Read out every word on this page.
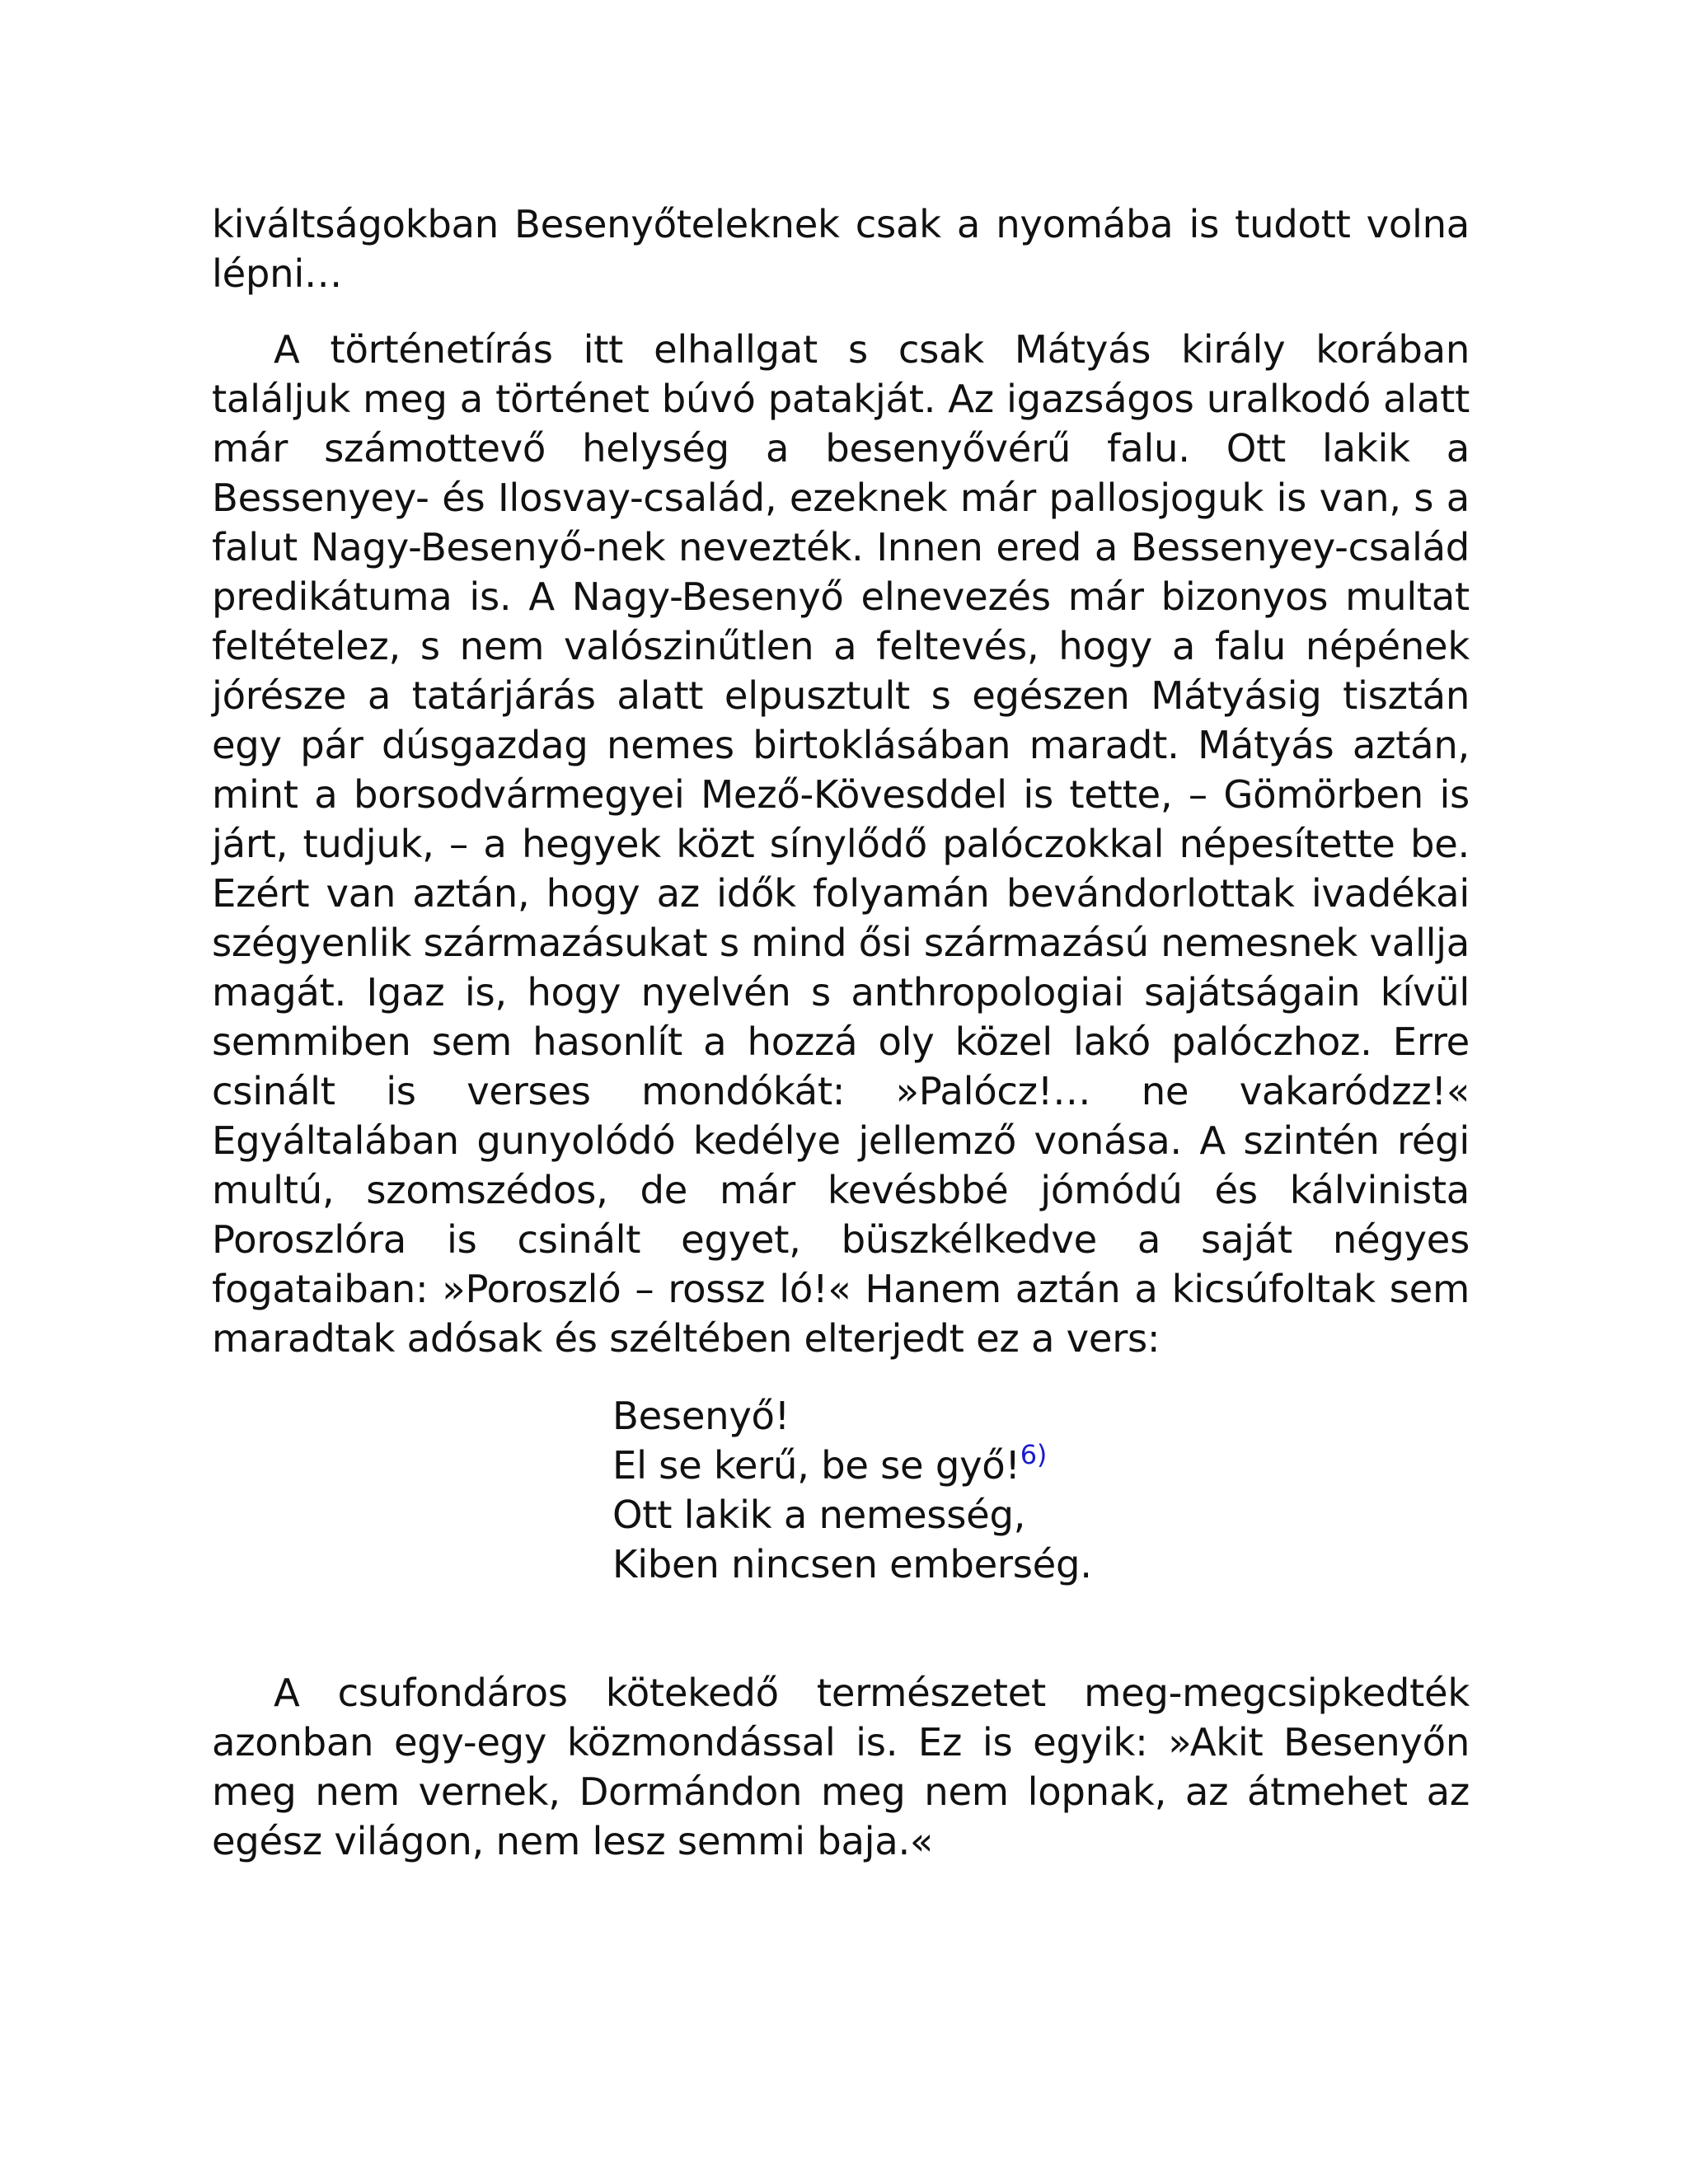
kiváltságokban Besenyőteleknek csak a nyomába is tudott volna lépni…

A történetírás itt elhallgat s csak Mátyás király korában találjuk meg a történet búvó patakját. Az igazságos uralkodó alatt már számottevő helység a besenyővérű falu. Ott lakik a Bessenyey- és Ilosvay-család, ezeknek már pallosjoguk is van, s a falut Nagy-Besenyő-nek nevezték. Innen ered a Bessenyey-család predikátuma is. A Nagy-Besenyő elnevezés már bizonyos multat feltételez, s nem valószinűtlen a feltevés, hogy a falu népének jórésze a tatárjárás alatt elpusztult s egészen Mátyásig tisztán egy pár dúsgazdag nemes birtoklásában maradt. Mátyás aztán, mint a borsodvármegyei Mező-Kövesddel is tette, – Gömörben is járt, tudjuk, – a hegyek közt sínylődő palóczokkal népesítette be. Ezért van aztán, hogy az idők folyamán bevándorlottak ivadékai szégyenlik származásukat s mind ősi származású nemesnek vallja magát. Igaz is, hogy nyelvén s anthropologiai sajátságain kívül semmiben sem hasonlít a hozzá oly közel lakó palóczhoz. Erre csinált is verses mondókát: »Palócz!… ne vakaródzz!« Egyáltalában gunyolódó kedélye jellemző vonása. A szintén régi multú, szomszédos, de már kevésbbé jómódú és kálvinista Poroszlóra is csinált egyet, büszkélkedve a saját négyes fogataiban: »Poroszló – rossz ló!« Hanem aztán a kicsúfoltak sem maradtak adósak és széltében elterjedt ez a vers:

Besenyő!
El se kerű, be se győ!$^{6)}$
Ott lakik a nemesség,
Kiben nincsen emberség.

A csufondáros kötekedő természetet meg-megcsipkedték azonban egy-egy közmondással is. Ez is egyik: »Akit Besenyőn meg nem vernek, Dormándon meg nem lopnak, az átmehet az egész világon, nem lesz semmi baja.«
